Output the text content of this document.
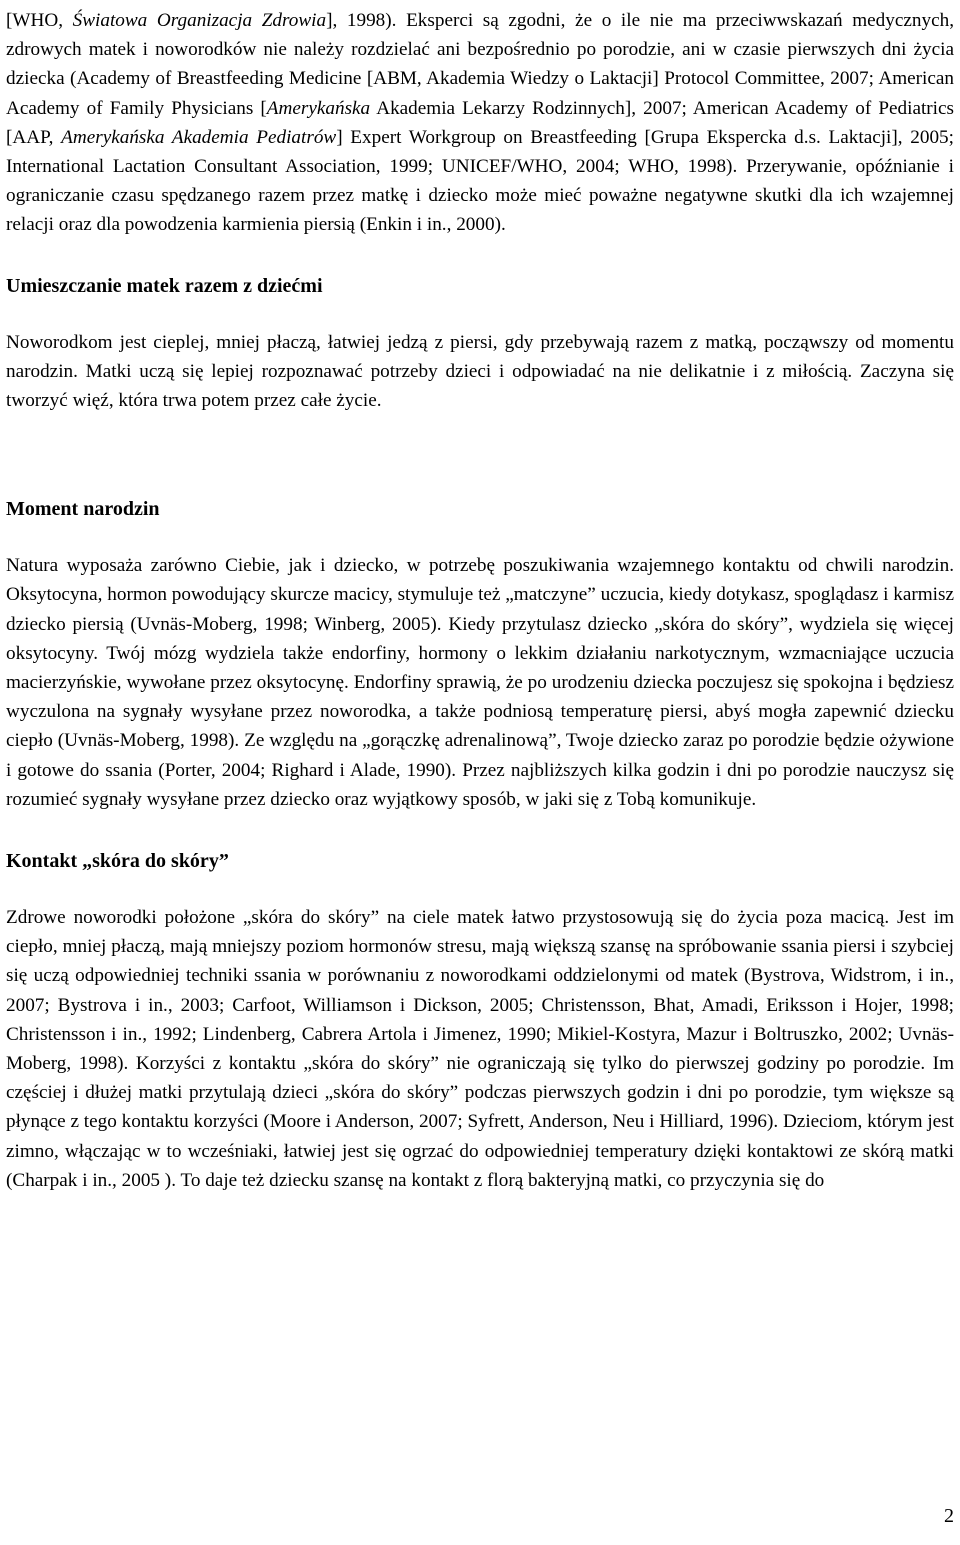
[WHO, Światowa Organizacja Zdrowia], 1998). Eksperci są zgodni, że o ile nie ma przeciwwskazań medycznych, zdrowych matek i noworodków nie należy rozdzielać ani bezpośrednio po porodzie, ani w czasie pierwszych dni życia dziecka (Academy of Breastfeeding Medicine [ABM, Akademia Wiedzy o Laktacji] Protocol Committee, 2007; American Academy of Family Physicians [Amerykańska Akademia Lekarzy Rodzinnych], 2007; American Academy of Pediatrics [AAP, Amerykańska Akademia Pediatrów] Expert Workgroup on Breastfeeding [Grupa Ekspercka d.s. Laktacji], 2005; International Lactation Consultant Association, 1999; UNICEF/WHO, 2004; WHO, 1998). Przerywanie, opóźnianie i ograniczanie czasu spędzanego razem przez matkę i dziecko może mieć poważne negatywne skutki dla ich wzajemnej relacji oraz dla powodzenia karmienia piersią (Enkin i in., 2000).

Umieszczanie matek razem z dziećmi

Noworodkom jest cieplej, mniej płaczą, łatwiej jedzą z piersi, gdy przebywają razem z matką, począwszy od momentu narodzin. Matki uczą się lepiej rozpoznawać potrzeby dzieci i odpowiadać na nie delikatnie i z miłością. Zaczyna się tworzyć więź, która trwa potem przez całe życie.

Moment narodzin

Natura wyposaża zarówno Ciebie, jak i dziecko, w potrzebę poszukiwania wzajemnego kontaktu od chwili narodzin. Oksytocyna, hormon powodujący skurcze macicy, stymuluje też „matczyne” uczucia, kiedy dotykasz, spoglądasz i karmisz dziecko piersią (Uvnäs-Moberg, 1998; Winberg, 2005). Kiedy przytulasz dziecko „skóra do skóry”, wydziela się więcej oksytocyny. Twój mózg wydziela także endorfiny, hormony o lekkim działaniu narkotycznym, wzmacniające uczucia macierzyńskie, wywołane przez oksytocynę. Endorfiny sprawią, że po urodzeniu dziecka poczujesz się spokojna i będziesz wyczulona na sygnały wysyłane przez noworodka, a także podniosą temperaturę piersi, abyś mogła zapewnić dziecku ciepło (Uvnäs-Moberg, 1998). Ze względu na „gorączkę adrenalinową”, Twoje dziecko zaraz po porodzie będzie ożywione i gotowe do ssania (Porter, 2004; Righard i Alade, 1990). Przez najbliższych kilka godzin i dni po porodzie nauczysz się rozumieć sygnały wysyłane przez dziecko oraz wyjątkowy sposób, w jaki się z Tobą komunikuje.

Kontakt „skóra do skóry”

Zdrowe noworodki położone „skóra do skóry” na ciele matek łatwo przystosowują się do życia poza macicą. Jest im ciepło, mniej płaczą, mają mniejszy poziom hormonów stresu, mają większą szansę na spróbowanie ssania piersi i szybciej się uczą odpowiedniej techniki ssania w porównaniu z noworodkami oddzielonymi od matek (Bystrova, Widstrom, i in., 2007; Bystrova i in., 2003; Carfoot, Williamson i Dickson, 2005; Christensson, Bhat, Amadi, Eriksson i Hojer, 1998; Christensson i in., 1992; Lindenberg, Cabrera Artola i Jimenez, 1990; Mikiel-Kostyra, Mazur i Boltruszko, 2002; Uvnäs-Moberg, 1998). Korzyści z kontaktu „skóra do skóry” nie ograniczają się tylko do pierwszej godziny po porodzie. Im częściej i dłużej matki przytulają dzieci „skóra do skóry” podczas pierwszych godzin i dni po porodzie, tym większe są płynące z tego kontaktu korzyści (Moore i Anderson, 2007; Syfrett, Anderson, Neu i Hilliard, 1996). Dzieciom, którym jest zimno, włączając w to wcześniaki, łatwiej jest się ogrzać do odpowiedniej temperatury dzięki kontaktowi ze skórą matki (Charpak i in., 2005 ). To daje też dziecku szansę na kontakt z florą bakteryjną matki, co przyczynia się do

2
